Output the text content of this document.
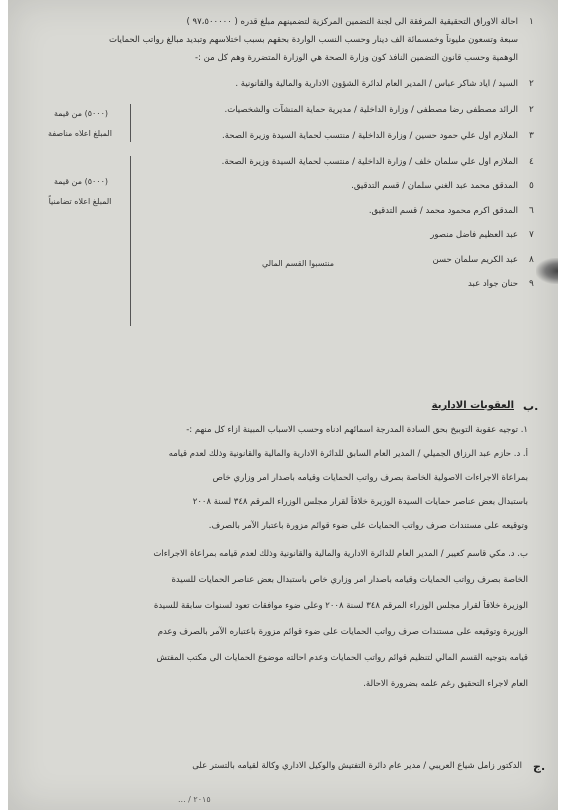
١
احالة الاوراق التحقيقية المرفقة الى لجنة التضمين المركزية لتضمينهم مبلغ قدره ( ٩٧،٥٠٠٠٠٠ )
سبعة وتسعون مليوناً وخمسمائة الف دينار وحسب النسب الواردة بحقهم بسبب اختلاسهم وتبديد مبالغ رواتب الحمايات
الوهمية وحسب قانون التضمين النافذ كون وزارة الصحة هي الوزارة المتضررة وهم كل من :-
٢
السيد / اياد شاكر عباس / المدير العام لدائرة الشؤون الادارية والمالية والقانونية .
٢
الرائد مصطفى رضا مصطفى / وزارة الداخلية / مديرية حماية المنشآت والشخصيات.
٣
الملازم اول علي حمود حسين / وزارة الداخلية / منتسب لحماية السيدة وزيرة الصحة.
٤
الملازم اول علي سلمان خلف / وزارة الداخلية / منتسب لحماية السيدة وزيرة الصحة.
٥
المدقق محمد عبد الغني سلمان / قسم التدقيق.
٦
المدقق اكرم محمود محمد / قسم التدقيق.
٧
عبد العظيم فاضل منصور
٨
عبد الكريم سلمان حسن
٩
حنان جواد عبد
(٥٠٠٠) من قيمة
المبلغ اعلاه مناصفة
(٥٠٠٠) من قيمة
المبلغ اعلاه تضامنياً
منتسبوا القسم المالي
ب.
العقوبات الادارية
١. توجيه عقوبة التوبيخ بحق السادة المدرجة اسمائهم ادناه وحسب الاسباب المبينة ازاء كل منهم :-
أ. د. حازم عبد الرزاق الجميلي / المدير العام السابق للدائرة الادارية والمالية والقانونية وذلك لعدم قيامه
بمراعاة الاجراءات الاصولية الخاصة بصرف رواتب الحمايات وقيامه باصدار امر وزاري خاص
باستبدال بعض عناصر حمايات السيدة الوزيرة خلافاً لقرار مجلس الوزراء المرقم ٣٤٨ لسنة ٢٠٠٨
وتوقيعه على مستندات صرف رواتب الحمايات على ضوء قوائم مزورة باعتبار الآمر بالصرف.
ب. د. مكي قاسم كعيبر / المدير العام للدائرة الادارية والمالية والقانونية وذلك لعدم قيامه بمراعاة الاجراءات
الخاصة بصرف رواتب الحمايات وقيامه باصدار امر وزاري خاص باستبدال بعض عناصر الحمايات للسيدة
الوزيرة خلافاً لقرار مجلس الوزراء المرقم ٣٤٨ لسنة ٢٠٠٨ وعلى ضوء موافقات تعود لسنوات سابقة للسيدة
الوزيرة وتوقيعه على مستندات صرف رواتب الحمايات على ضوء قوائم مزورة باعتباره الآمر بالصرف وعدم
قيامه بتوجيه القسم المالي لتنظيم قوائم رواتب الحمايات وعدم احالته موضوع الحمايات الى مكتب المفتش
العام لاجراء التحقيق رغم علمه بضرورة الاحالة.
ج.
الدكتور زامل شياع العريبي / مدير عام دائرة التفتيش والوكيل الاداري وكالة لقيامه بالتستر على
٢٠١٥ / ...
